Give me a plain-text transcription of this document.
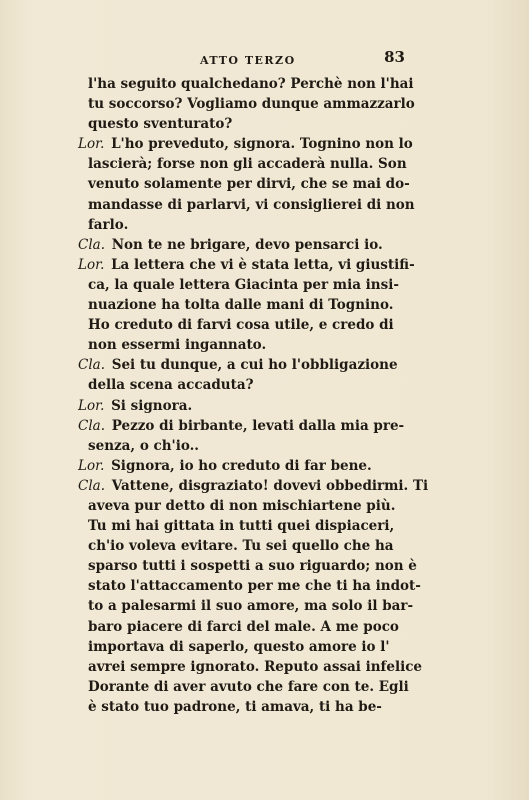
ATTO TERZO	83

l'ha seguito qualchedano? Perchè non l'hai

tu soccorso? Vogliamo dunque ammazzarlo

questo sventurato?

Lor. L'ho preveduto, signora. Tognino non lo

lascierà; forse non gli accaderà nulla. Son

venuto solamente per dirvi, che se mai do-

mandasse di parlarvi, vi consiglierei di non

farlo.

Cla. Non te ne brigare, devo pensarci io.

Lor. La lettera che vi è stata letta, vi giustifi-

ca, la quale lettera Giacinta per mia insi-

nuazione ha tolta dalle mani di Tognino.

Ho creduto di farvi cosa utile, e credo di

non essermi ingannato.

Cla. Sei tu dunque, a cui ho l'obbligazione

della scena accaduta?

Lor. Si signora.

Cla. Pezzo di birbante, levati dalla mia pre-

senza, o ch'io..

Lor. Signora, io ho creduto di far bene.

Cla. Vattene, disgraziato! dovevi obbedirmi. Ti

aveva pur detto di non mischiartene più.

Tu mi hai gittata in tutti quei dispiaceri,

ch'io voleva evitare. Tu sei quello che ha

sparso tutti i sospetti a suo riguardo; non è

stato l'attaccamento per me che ti ha indot-

to a palesarmi il suo amore, ma solo il bar-

baro piacere di farci del male. A me poco

importava di saperlo, questo amore io l'

avrei sempre ignorato. Reputo assai infelice

Dorante di aver avuto che fare con te. Egli

è stato tuo padrone, ti amava, ti ha be-
